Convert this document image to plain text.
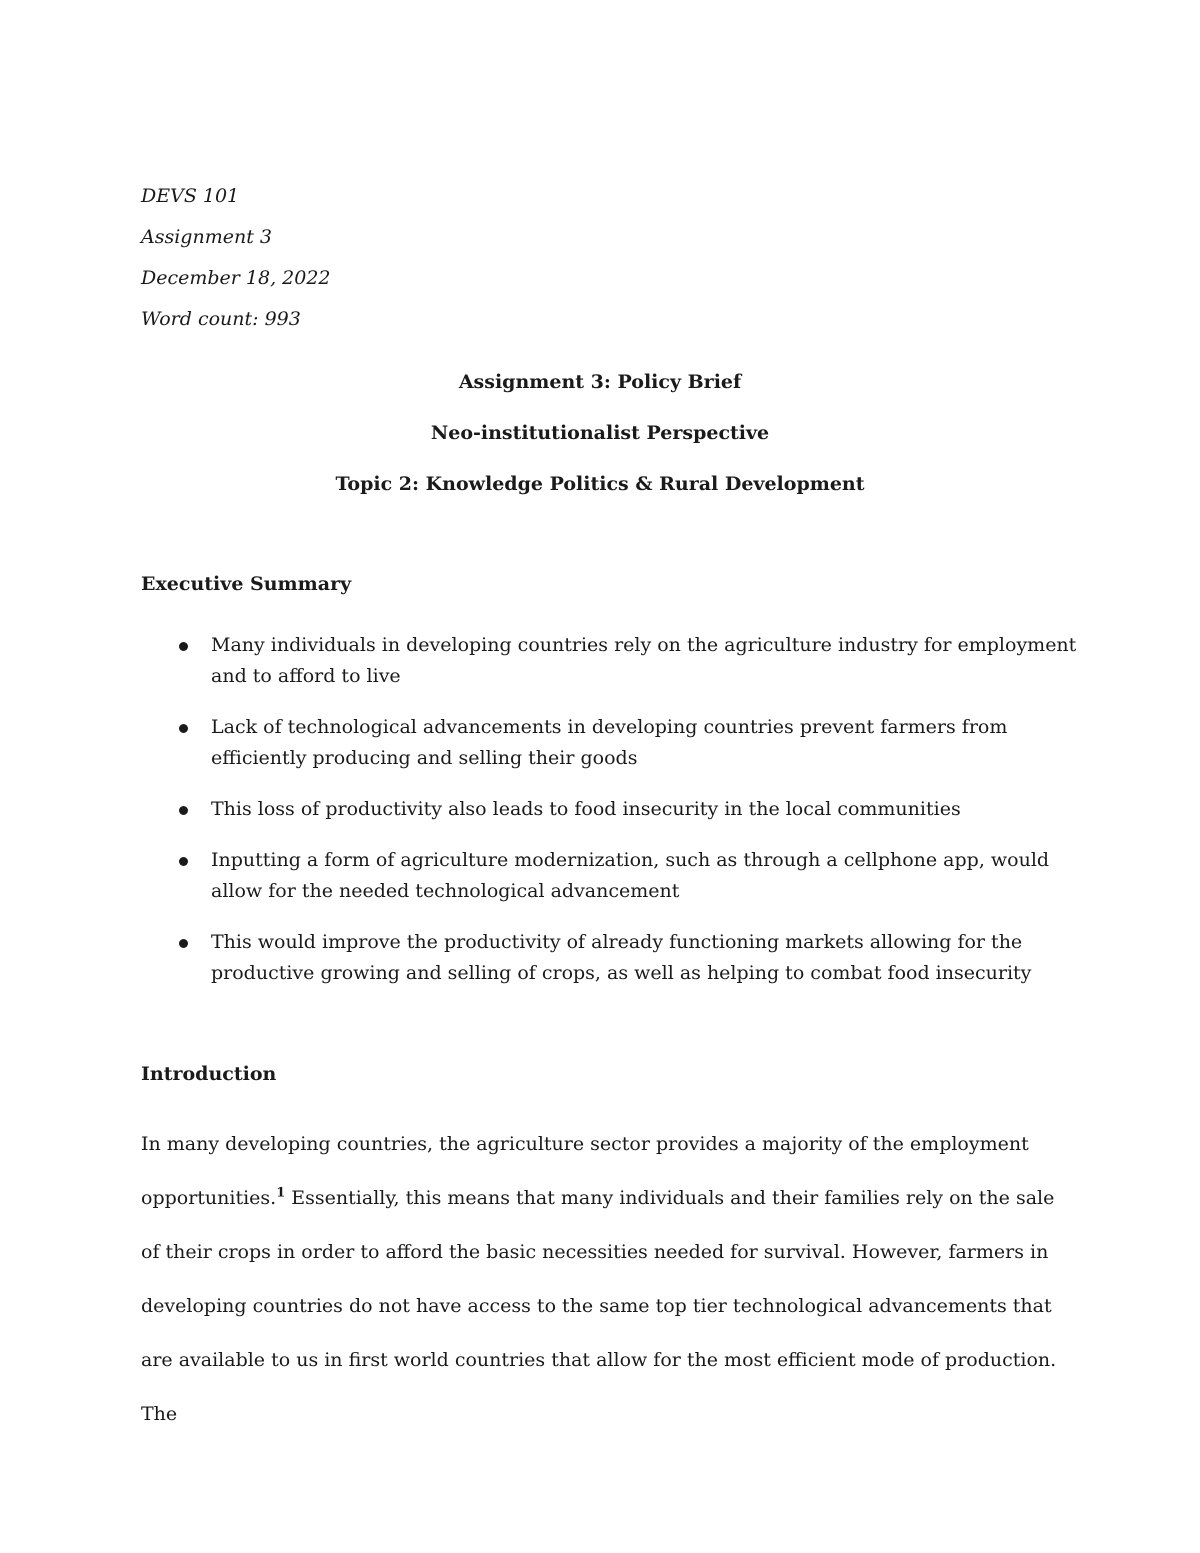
DEVS 101
Assignment 3
December 18, 2022
Word count: 993
Assignment 3: Policy Brief
Neo-institutionalist Perspective
Topic 2: Knowledge Politics & Rural Development
Executive Summary
Many individuals in developing countries rely on the agriculture industry for employment and to afford to live
Lack of technological advancements in developing countries prevent farmers from efficiently producing and selling their goods
This loss of productivity also leads to food insecurity in the local communities
Inputting a form of agriculture modernization, such as through a cellphone app, would allow for the needed technological advancement
This would improve the productivity of already functioning markets allowing for the productive growing and selling of crops, as well as helping to combat food insecurity
Introduction

In many developing countries, the agriculture sector provides a majority of the employment opportunities.$^1$ Essentially, this means that many individuals and their families rely on the sale of their crops in order to afford the basic necessities needed for survival. However, farmers in developing countries do not have access to the same top tier technological advancements that are available to us in first world countries that allow for the most efficient mode of production. The
